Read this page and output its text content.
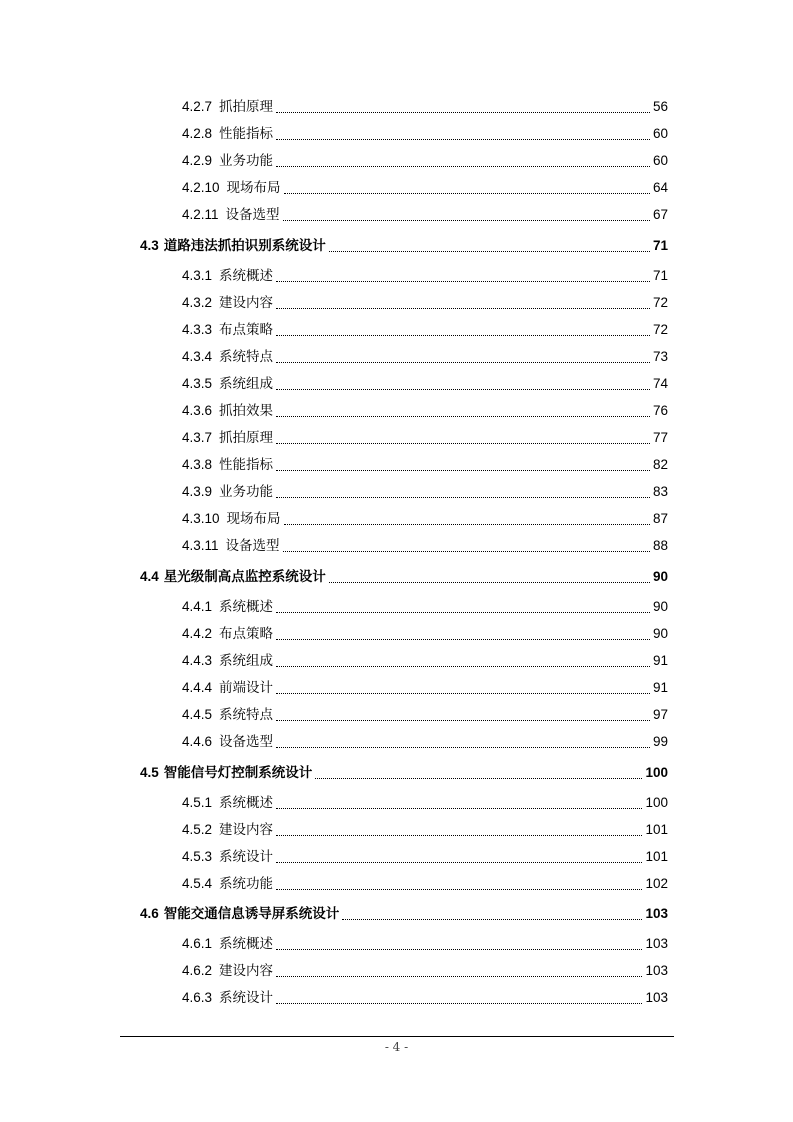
4.2.7 抓拍原理	56
4.2.8 性能指标	60
4.2.9 业务功能	60
4.2.10 现场布局	64
4.2.11 设备选型	67
4.3 道路违法抓拍识别系统设计	71
4.3.1 系统概述	71
4.3.2 建设内容	72
4.3.3 布点策略	72
4.3.4 系统特点	73
4.3.5 系统组成	74
4.3.6 抓拍效果	76
4.3.7 抓拍原理	77
4.3.8 性能指标	82
4.3.9 业务功能	83
4.3.10 现场布局	87
4.3.11 设备选型	88
4.4 星光级制高点监控系统设计	90
4.4.1 系统概述	90
4.4.2 布点策略	90
4.4.3 系统组成	91
4.4.4 前端设计	91
4.4.5 系统特点	97
4.4.6 设备选型	99
4.5 智能信号灯控制系统设计	100
4.5.1 系统概述	100
4.5.2 建设内容	101
4.5.3 系统设计	101
4.5.4 系统功能	102
4.6 智能交通信息诱导屏系统设计	103
4.6.1 系统概述	103
4.6.2 建设内容	103
4.6.3 系统设计	103
- 4 -
